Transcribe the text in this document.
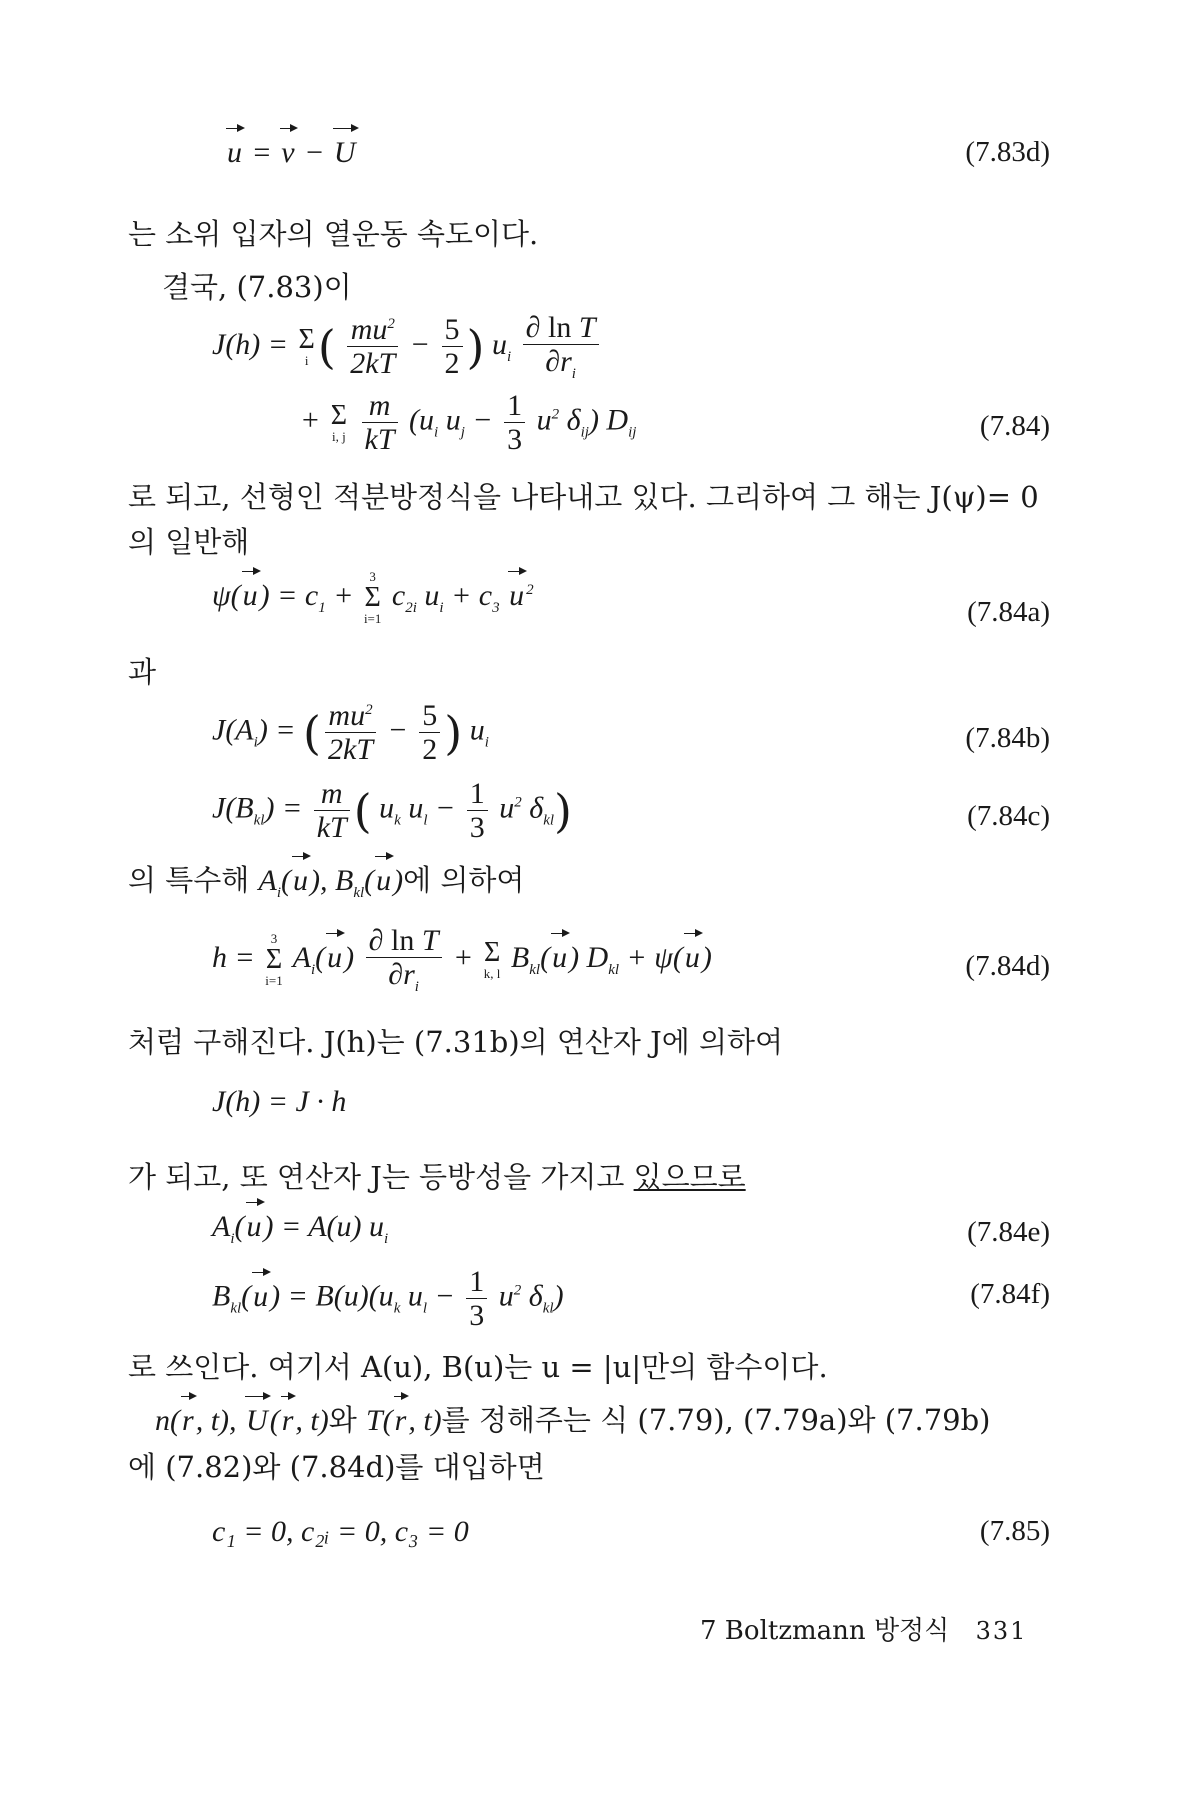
u = v − U	(7.83d)
는 소위 입자의 열운동 속도이다.
결국, (7.83)이
J(h) = Σ
i ( $\frac{mu^2}{2kT} - \frac{5}{2}$ ) $u_i \frac{\text{∂ ln T}}{\partial r_i}$
+ Σ
i, j
$\frac{m}{kT} (u_i$ $u_j - \frac{1}{3} u^2$ $\delta_{ij}$) $D_{ij}$	(7.84)
로 되고, 선형인 적분방정식을 나타내고 있다. 그리하여 그 해는 J(ψ)= 0
의 일반해
$\psi(u) = c_1$ +
3
Σ
i=1
$c_{2i}$ $u_i + c_3$ u $^2$
(7.84a)
과
$J(A_i)$ = ( $\frac{mu^2}{2kT} - \frac{5}{2}$ ) $u_i$	(7.84b)
$J(B_{kl}) = \frac{m}{kT}$ ( $u_k$ $u_l - \frac{1}{3} u^2$ $\delta_{kl}$)	(7.84c)
의 특수해 $A_i(u)$, $B_{kl}(u)$에 의하여
h =
3
Σ
i=1
$A_i(u) \frac{\text{∂ ln T}}{\partial r_i} + \Sigma$
k, l $B_{kl}(u) D_{kl} + \psi(u)$	(7.84d)
처럼 구해진다. J(h)는 (7.31b)의 연산자 J에 의하여
J(h) = J · h
가 되고, 또 연산자 J는 등방성을 가지고 있으므로
$A_i(u) = A(u)$ $u_i$	(7.84e)
$B_{kl}(u) = B(u)(u_k$ $u_l - \frac{1}{3} u^2$ $\delta_{kl}$)	(7.84f)
로 쓰인다. 여기서 A(u), B(u)는 u = |u|만의 함수이다.
n(r, t), U(r, t)와 T(r, t)를 정해주는 식 (7.79), (7.79a)와 (7.79b)
에 (7.82)와 (7.84d)를 대입하면
c₁ = 0, c₂ᵢ = 0, c₃ = 0	(7.85)
7 Boltzmann 방정식 331
